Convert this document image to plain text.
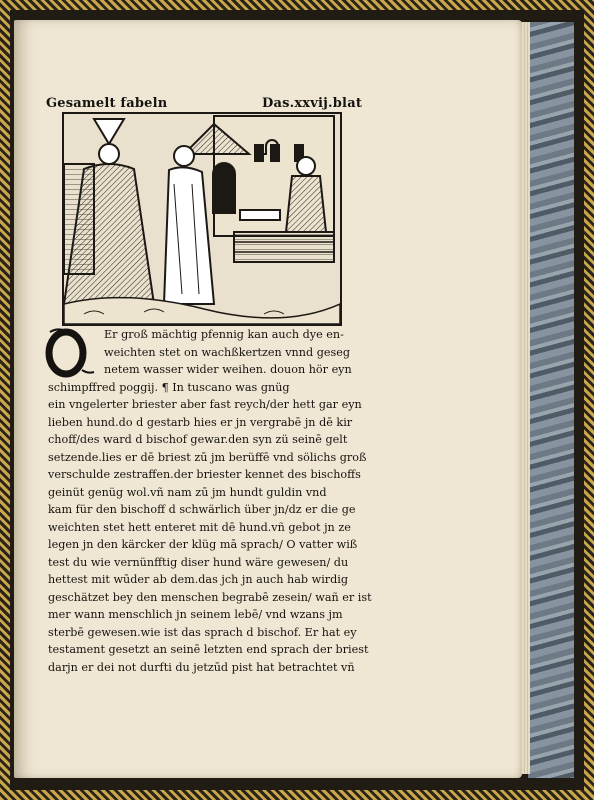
Gesamelt fabeln	Das.xxvij.blat
Er groß mächtig pfennig kan auch dye en‐
weichten stet on wachßkertzen vnnd geseg
netem wasser wider weihen. douon hör eyn
schimpffred poggij. ¶ In tuscano was gnüg
ein vngelerter briester aber fast reych/der hett gar eyn
lieben hund.do d gestarb hies er jn vergrabē jn dē kir
choff/des ward d bischof gewar.den syn zü seinē gelt
setzende.lies er dē briest zū jm berüffē vnd sölichs groß
verschulde zestraffen.der briester kennet des bischoffs
geinüt genüg wol.vñ nam zū jm hundt guldin vnd
kam für den bischoff d schwärlich über jn/dz er die ge
weichten stet hett enteret mit dē hund.vñ gebot jn ze
legen jn den kärcker der klüg mā sprach/ O vatter wiß
test du wie vernünfftig diser hund wäre gewesen/ du
hettest mit wūder ab dem.das jch jn auch hab wirdig
geschätzet bey den menschen begrabē zesein/ wañ er ist
mer wann menschlich jn seinem lebē/ vnd wzans jm
sterbē gewesen.wie ist das sprach d bischof. Er hat ey
testament gesetzt an seinē letzten end sprach der briest
darjn er dei not durfti du jetzūd pist hat betrachtet vñ
